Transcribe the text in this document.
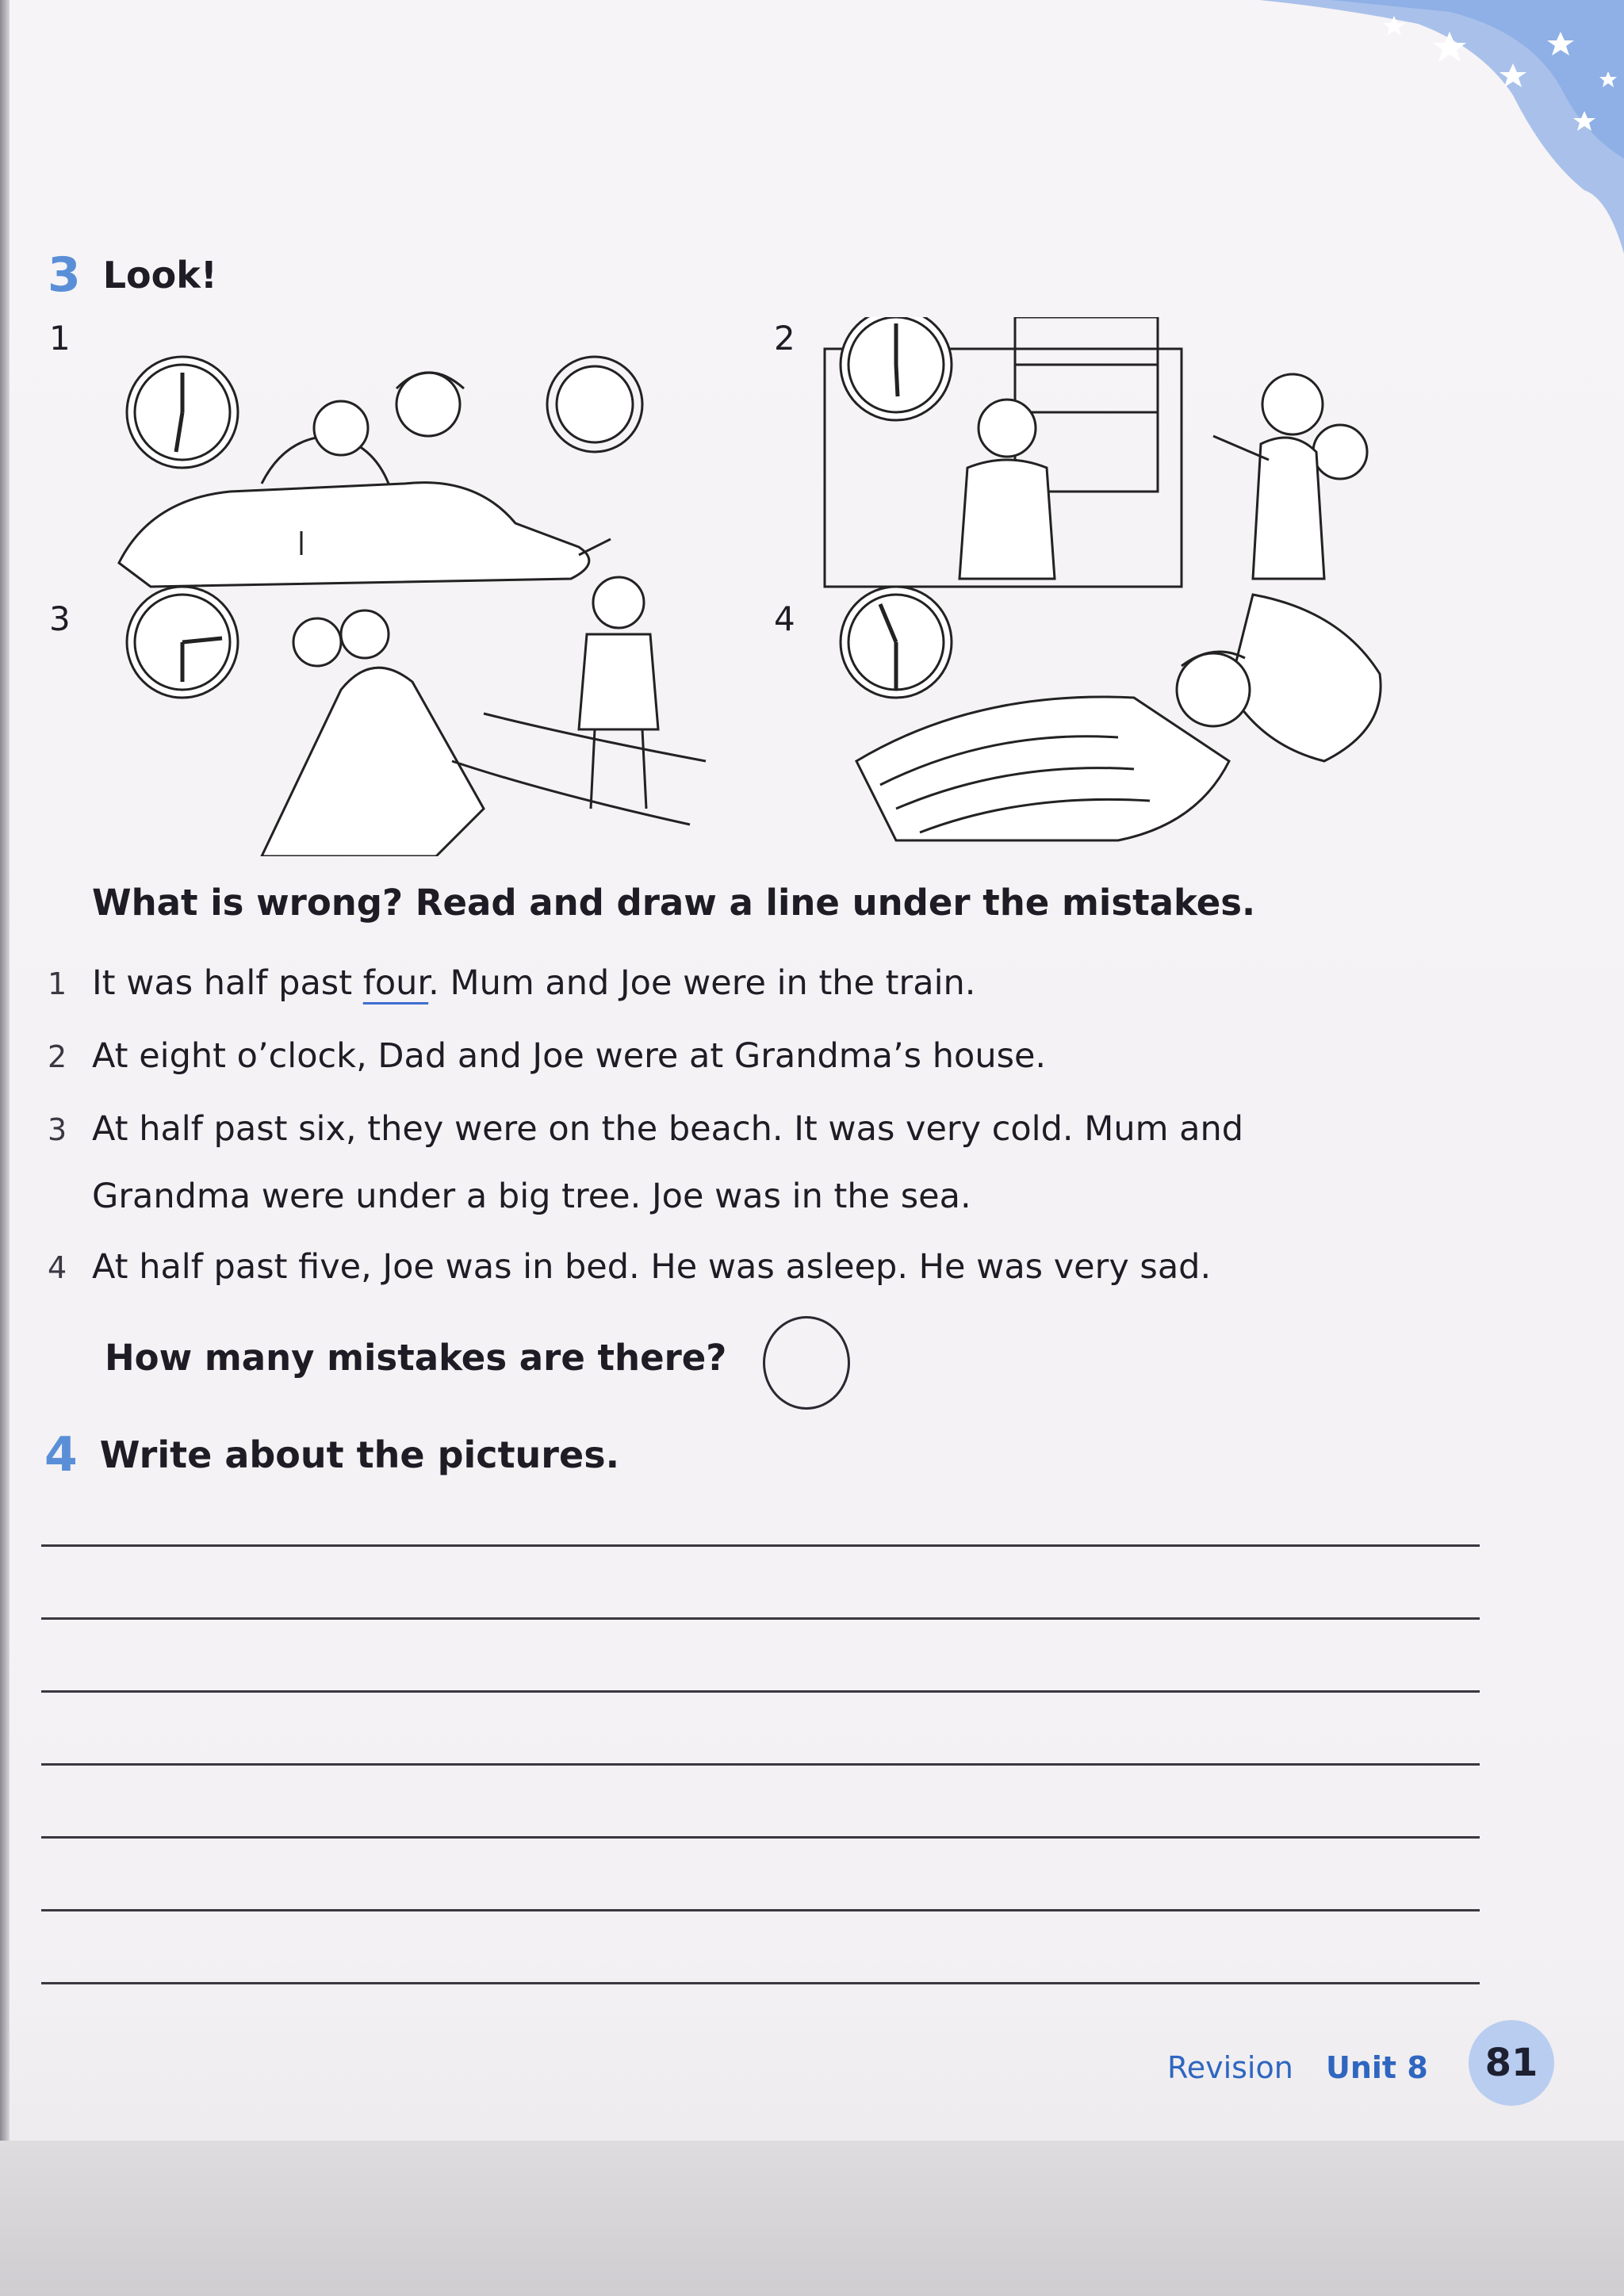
3 Look!
1	2
3	4
What is wrong? Read and draw a line under the mistakes.
1 It was half past four. Mum and Joe were in the train.
2 At eight o’clock, Dad and Joe were at Grandma’s house.
3 At half past six, they were on the beach. It was very cold. Mum and
Grandma were under a big tree. Joe was in the sea.
4 At half past five, Joe was in bed. He was asleep. He was very sad.
How many mistakes are there?
4 Write about the pictures.
Revision Unit 8 81
